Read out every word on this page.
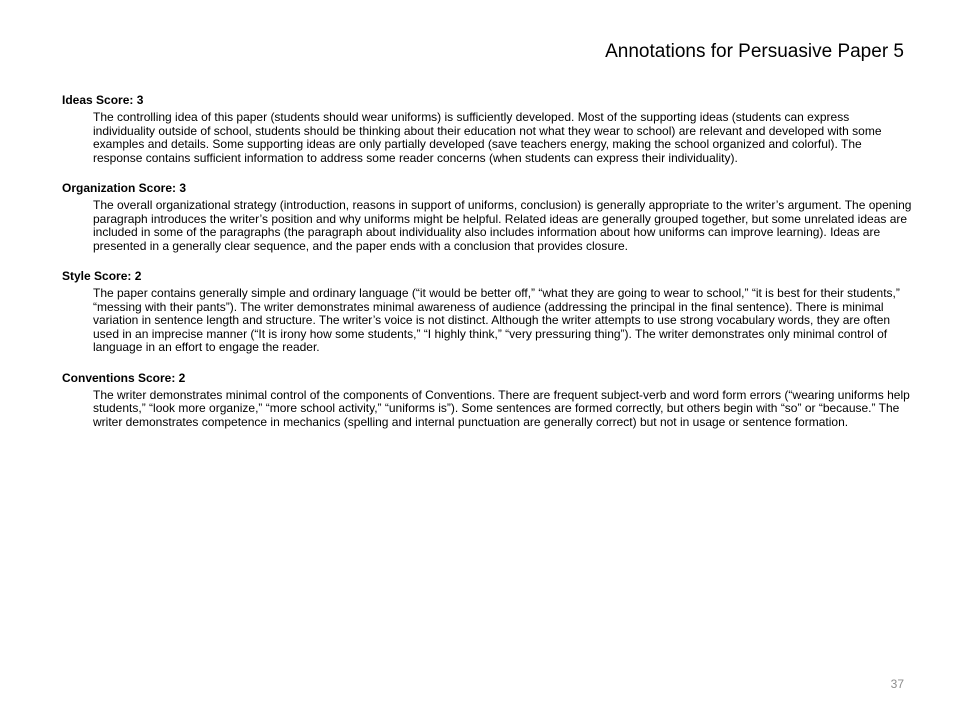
Annotations for Persuasive Paper 5
Ideas Score: 3

The controlling idea of this paper (students should wear uniforms) is sufficiently developed. Most of the supporting ideas (students can express individuality outside of school, students should be thinking about their education not what they wear to school) are relevant and developed with some examples and details. Some supporting ideas are only partially developed (save teachers energy, making the school organized and colorful). The response contains sufficient information to address some reader concerns (when students can express their individuality).

Organization Score: 3

The overall organizational strategy (introduction, reasons in support of uniforms, conclusion) is generally appropriate to the writer’s argument. The opening paragraph introduces the writer’s position and why uniforms might be helpful. Related ideas are generally grouped together, but some unrelated ideas are included in some of the paragraphs (the paragraph about individuality also includes information about how uniforms can improve learning). Ideas are presented in a generally clear sequence, and the paper ends with a conclusion that provides closure.

Style Score: 2

The paper contains generally simple and ordinary language (“it would be better off,” “what they are going to wear to school,” “it is best for their students,” “messing with their pants”). The writer demonstrates minimal awareness of audience (addressing the principal in the final sentence). There is minimal variation in sentence length and structure. The writer’s voice is not distinct. Although the writer attempts to use strong vocabulary words, they are often used in an imprecise manner (“It is irony how some students,” “I highly think,” “very pressuring thing”). The writer demonstrates only minimal control of language in an effort to engage the reader.

Conventions Score: 2

The writer demonstrates minimal control of the components of Conventions. There are frequent subject-verb and word form errors (“wearing uniforms help students,” “look more organize,” “more school activity,” “uniforms is”). Some sentences are formed correctly, but others begin with “so” or “because.” The writer demonstrates competence in mechanics (spelling and internal punctuation are generally correct) but not in usage or sentence formation.

37
